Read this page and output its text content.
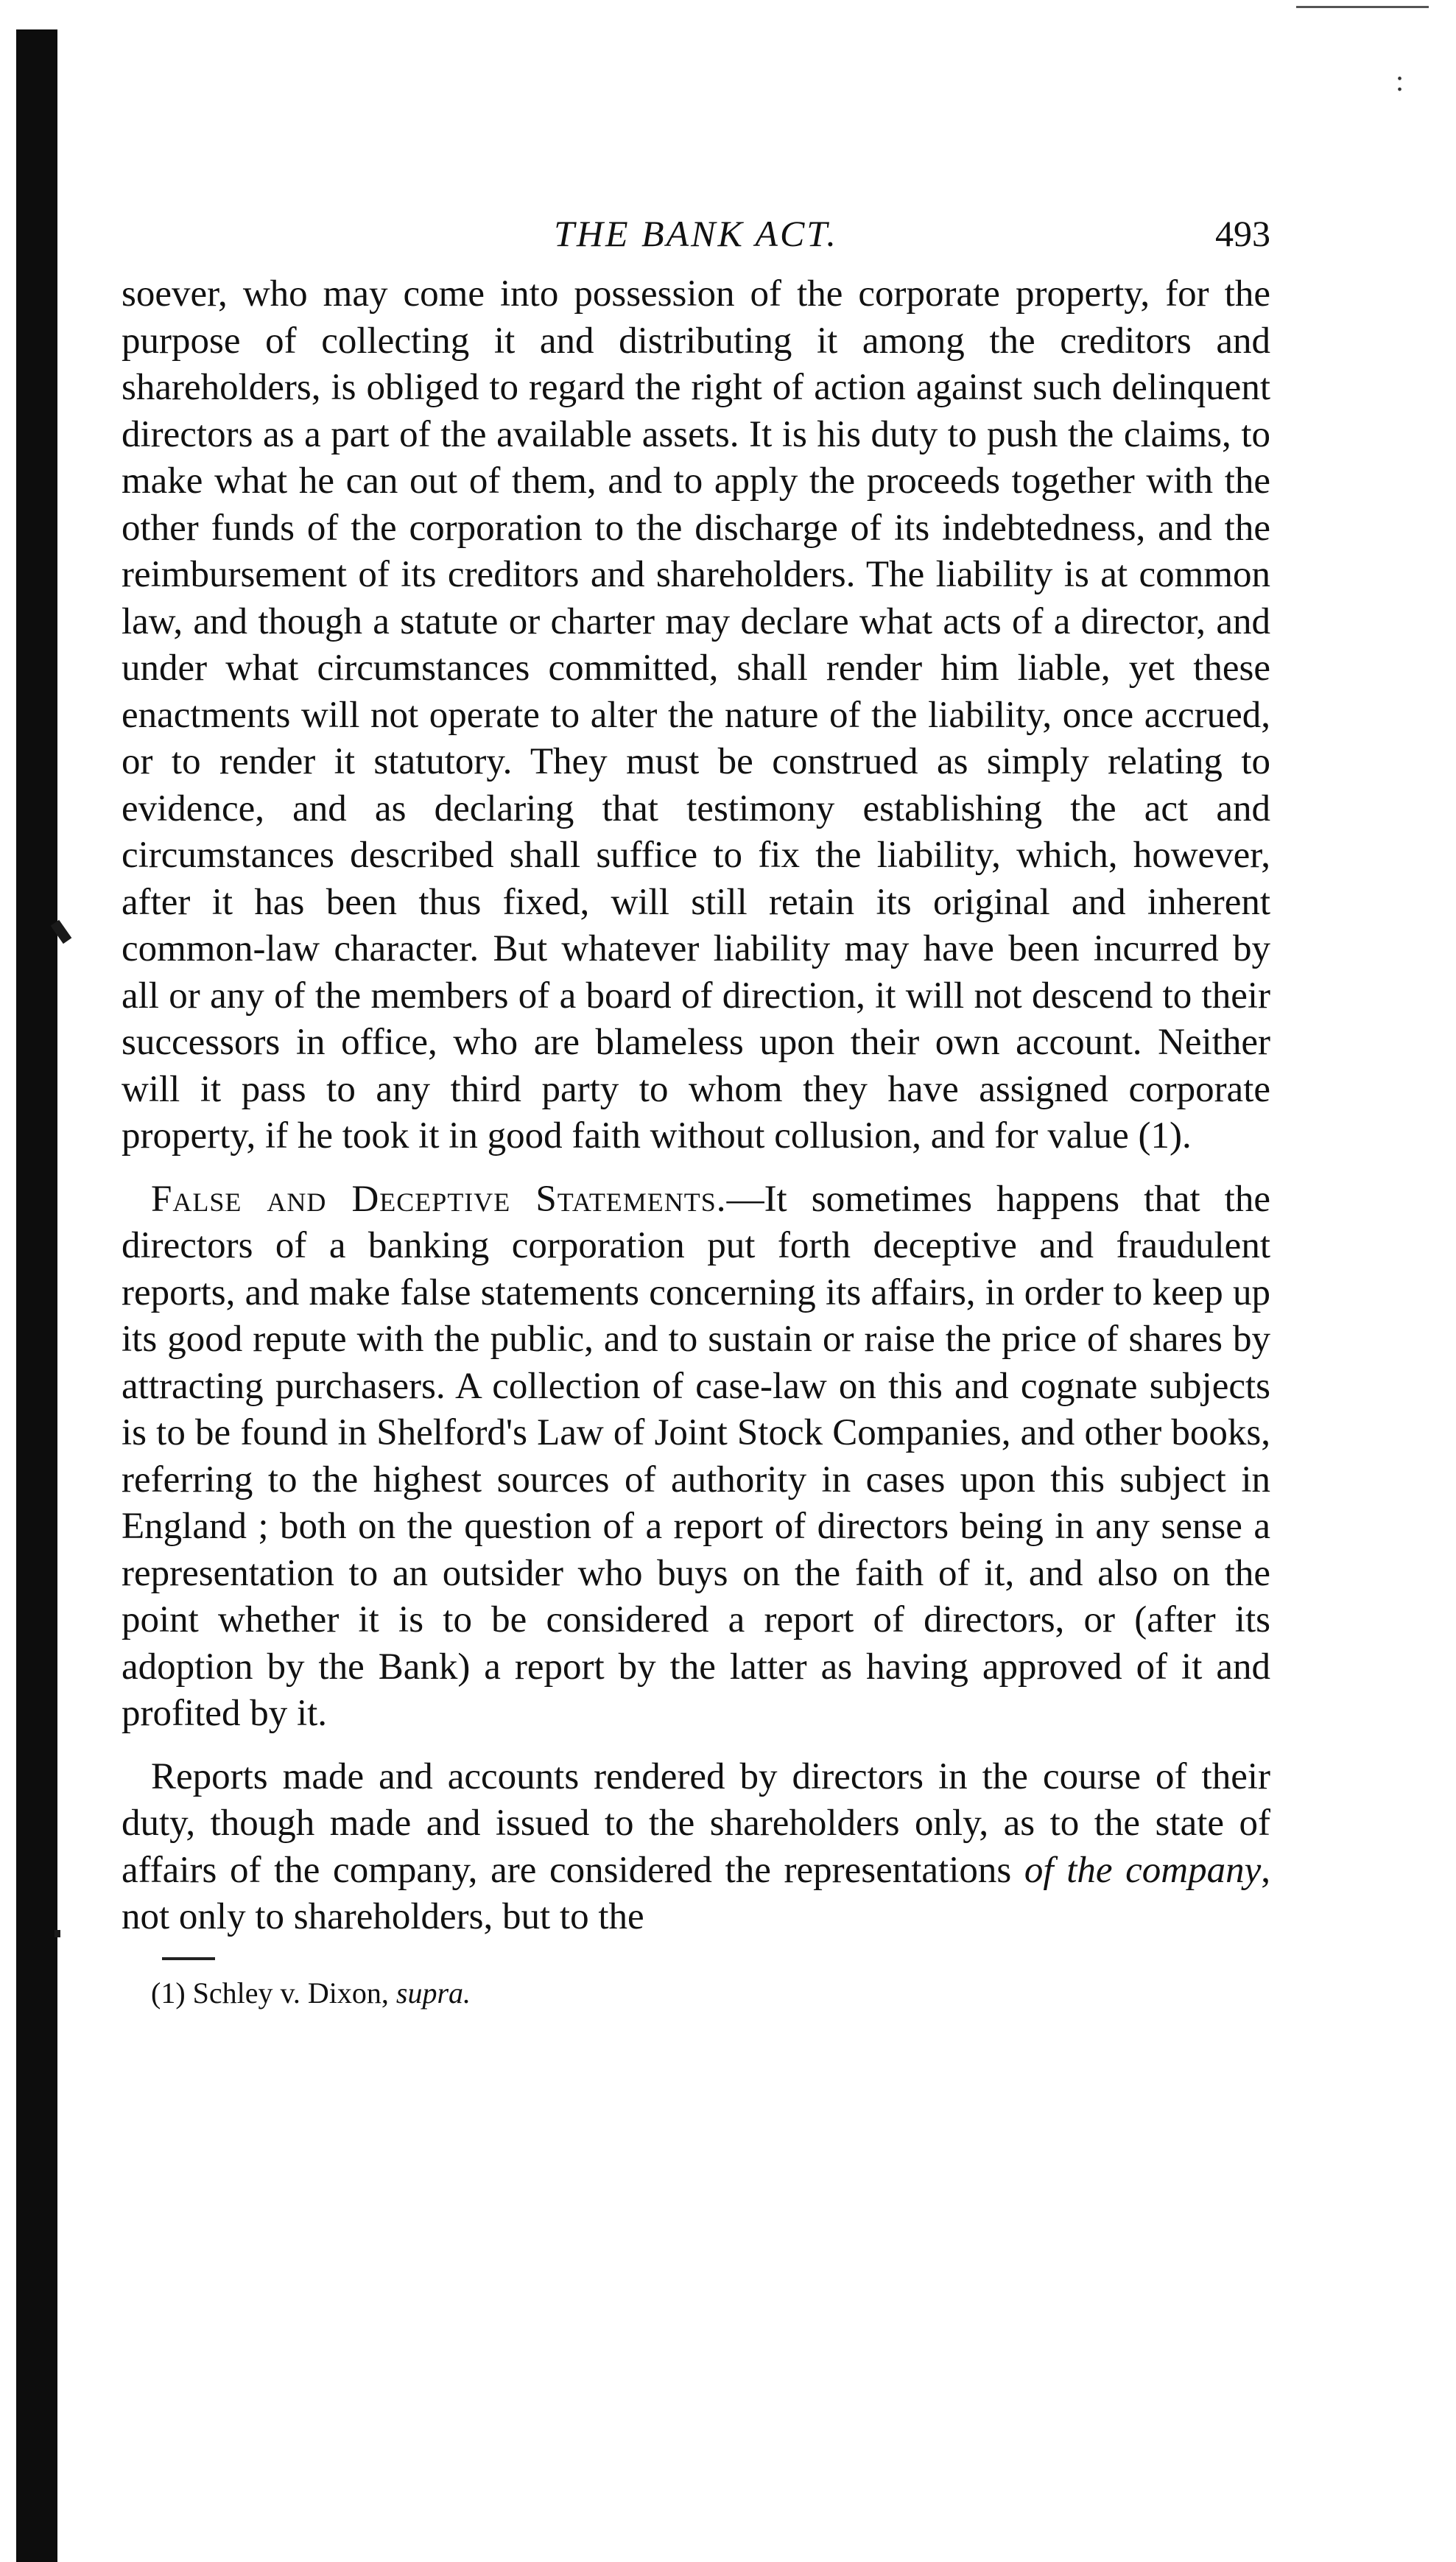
:
THE BANK ACT.	493

soever, who may come into possession of the corporate property, for the purpose of collecting it and distributing it among the creditors and shareholders, is obliged to regard the right of action against such delinquent directors as a part of the available assets. It is his duty to push the claims, to make what he can out of them, and to apply the proceeds together with the other funds of the corporation to the discharge of its indebtedness, and the reimbursement of its creditors and shareholders. The liability is at common law, and though a statute or charter may declare what acts of a director, and under what circumstances committed, shall render him liable, yet these enactments will not operate to alter the nature of the liability, once accrued, or to render it statutory. They must be construed as simply relating to evidence, and as declaring that testimony establishing the act and circumstances described shall suffice to fix the liability, which, however, after it has been thus fixed, will still retain its original and inherent common-law character. But whatever liability may have been incurred by all or any of the members of a board of direction, it will not descend to their successors in office, who are blameless upon their own account. Neither will it pass to any third party to whom they have assigned corporate property, if he took it in good faith without collusion, and for value (1).

False and Deceptive Statements.—It sometimes happens that the directors of a banking corporation put forth deceptive and fraudulent reports, and make false statements concerning its affairs, in order to keep up its good repute with the public, and to sustain or raise the price of shares by attracting purchasers. A collection of case-law on this and cognate subjects is to be found in Shelford's Law of Joint Stock Companies, and other books, referring to the highest sources of authority in cases upon this subject in England ; both on the question of a report of directors being in any sense a representation to an outsider who buys on the faith of it, and also on the point whether it is to be considered a report of directors, or (after its adoption by the Bank) a report by the latter as having approved of it and profited by it.

Reports made and accounts rendered by directors in the course of their duty, though made and issued to the shareholders only, as to the state of affairs of the company, are considered the representations of the company, not only to shareholders, but to the

(1) Schley v. Dixon, supra.
